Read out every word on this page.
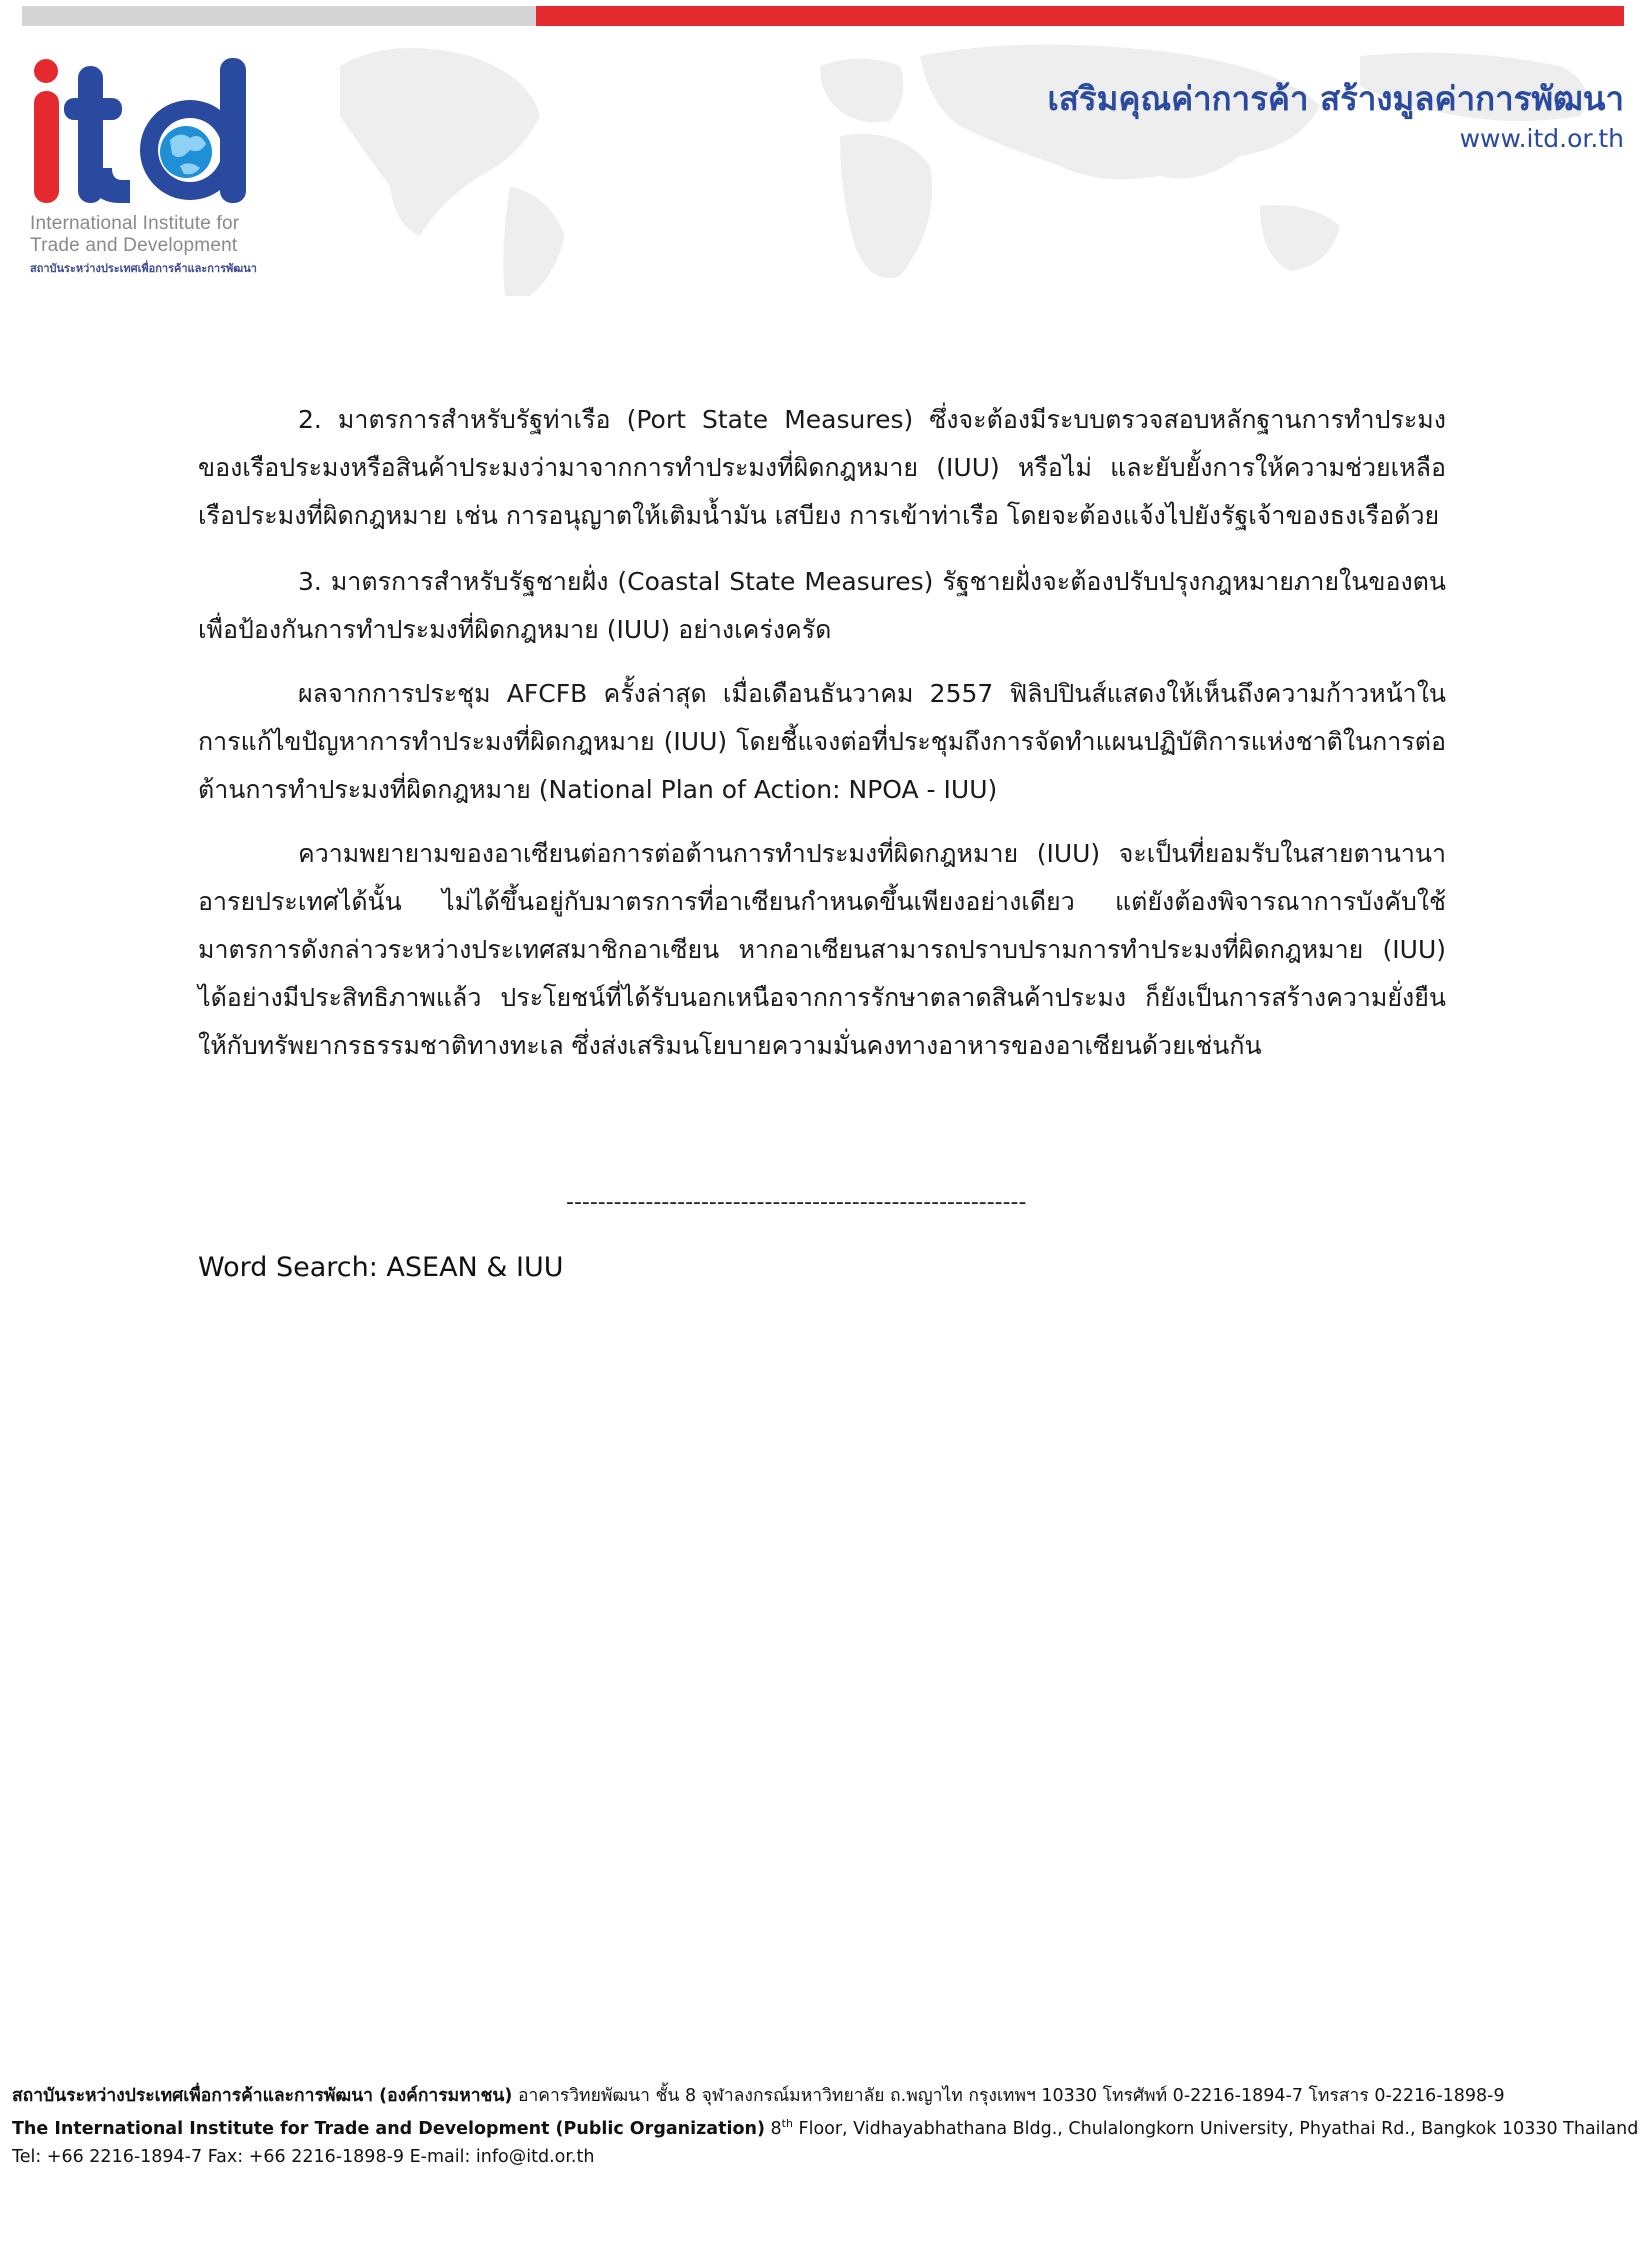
International Institute for
Trade and Development
สถาบันระหว่างประเทศเพื่อการค้าและการพัฒนา
เสริมคุณค่าการค้า สร้างมูลค่าการพัฒนา
www.itd.or.th

2. มาตรการสำหรับรัฐท่าเรือ (Port State Measures) ซึ่งจะต้องมีระบบตรวจสอบหลักฐานการทำประมงของเรือประมงหรือสินค้าประมงว่ามาจากการทำประมงที่ผิดกฎหมาย (IUU) หรือไม่ และยับยั้งการให้ความช่วยเหลือเรือประมงที่ผิดกฎหมาย เช่น การอนุญาตให้เติมน้ำมัน เสบียง การเข้าท่าเรือ โดยจะต้องแจ้งไปยังรัฐเจ้าของธงเรือด้วย

3. มาตรการสำหรับรัฐชายฝั่ง (Coastal State Measures) รัฐชายฝั่งจะต้องปรับปรุงกฎหมายภายในของตน เพื่อป้องกันการทำประมงที่ผิดกฎหมาย (IUU) อย่างเคร่งครัด

ผลจากการประชุม AFCFB ครั้งล่าสุด เมื่อเดือนธันวาคม 2557 ฟิลิปปินส์แสดงให้เห็นถึงความก้าวหน้าในการแก้ไขปัญหาการทำประมงที่ผิดกฎหมาย (IUU) โดยชี้แจงต่อที่ประชุมถึงการจัดทำแผนปฏิบัติการแห่งชาติในการต่อต้านการทำประมงที่ผิดกฎหมาย (National Plan of Action: NPOA - IUU)

ความพยายามของอาเซียนต่อการต่อต้านการทำประมงที่ผิดกฎหมาย (IUU) จะเป็นที่ยอมรับในสายตานานาอารยประเทศได้นั้น ไม่ได้ขึ้นอยู่กับมาตรการที่อาเซียนกำหนดขึ้นเพียงอย่างเดียว แต่ยังต้องพิจารณาการบังคับใช้มาตรการดังกล่าวระหว่างประเทศสมาชิกอาเซียน หากอาเซียนสามารถปราบปรามการทำประมงที่ผิดกฎหมาย (IUU) ได้อย่างมีประสิทธิภาพแล้ว ประโยชน์ที่ได้รับนอกเหนือจากการรักษาตลาดสินค้าประมง ก็ยังเป็นการสร้างความยั่งยืนให้กับทรัพยากรธรรมชาติทางทะเล ซึ่งส่งเสริมนโยบายความมั่นคงทางอาหารของอาเซียนด้วยเช่นกัน

----------------------------------------------------------
Word Search: ASEAN & IUU
สถาบันระหว่างประเทศเพื่อการค้าและการพัฒนา (องค์การมหาชน) อาคารวิทยพัฒนา ชั้น 8 จุฬาลงกรณ์มหาวิทยาลัย ถ.พญาไท กรุงเทพฯ 10330 โทรศัพท์ 0-2216-1894-7 โทรสาร 0-2216-1898-9
The International Institute for Trade and Development (Public Organization) 8th Floor, Vidhayabhathana Bldg., Chulalongkorn University, Phyathai Rd., Bangkok 10330 Thailand
Tel: +66 2216-1894-7 Fax: +66 2216-1898-9 E-mail: info@itd.or.th
